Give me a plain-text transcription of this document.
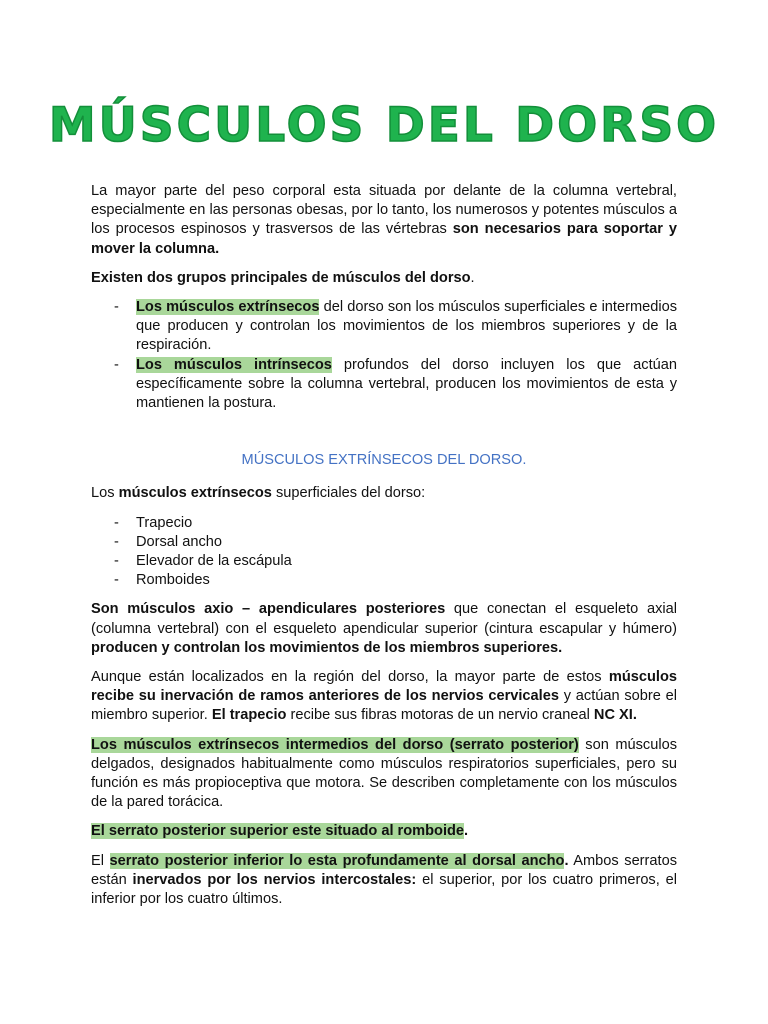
MÚSCULOS DEL DORSO

La mayor parte del peso corporal esta situada por delante de la columna vertebral, especialmente en las personas obesas, por lo tanto, los numerosos y potentes músculos a los procesos espinosos y trasversos de las vértebras son necesarios para soportar y mover la columna.

Existen dos grupos principales de músculos del dorso.

- Los músculos extrínsecos del dorso son los músculos superficiales e intermedios que producen y controlan los movimientos de los miembros superiores y de la respiración.
- Los músculos intrínsecos profundos del dorso incluyen los que actúan específicamente sobre la columna vertebral, producen los movimientos de esta y mantienen la postura.
MÚSCULOS EXTRÍNSECOS DEL DORSO.

Los músculos extrínsecos superficiales del dorso:

- Trapecio
- Dorsal ancho
- Elevador de la escápula
- Romboides

Son músculos axio – apendiculares posteriores que conectan el esqueleto axial (columna vertebral) con el esqueleto apendicular superior (cintura escapular y húmero) producen y controlan los movimientos de los miembros superiores.

Aunque están localizados en la región del dorso, la mayor parte de estos músculos recibe su inervación de ramos anteriores de los nervios cervicales y actúan sobre el miembro superior. El trapecio recibe sus fibras motoras de un nervio craneal NC XI.

Los músculos extrínsecos intermedios del dorso (serrato posterior) son músculos delgados, designados habitualmente como músculos respiratorios superficiales, pero su función es más propioceptiva que motora. Se describen completamente con los músculos de la pared torácica.

El serrato posterior superior este situado al romboide.

El serrato posterior inferior lo esta profundamente al dorsal ancho. Ambos serratos están inervados por los nervios intercostales: el superior, por los cuatro primeros, el inferior por los cuatro últimos.
